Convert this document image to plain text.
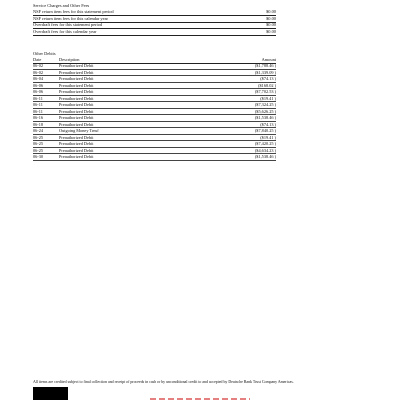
Service Charges and Other Fees
NSF return item fees for this statement period	$0.00
NSF return item fees for this calendar year	$0.00
Overdraft fees for this statement period	$0.00
Overdraft fees for this calendar year	$0.00
Other Debits
Date	Description	Amount
06-02	Preauthorized Debit	($1,788.46 )
06-02	Preauthorized Debit	($1,339.09 )
06-04	Preauthorized Debit	($74.13 )
06-06	Preauthorized Debit	($168.02 )
06-06	Preauthorized Debit	($7,702.53 )
06-11	Preauthorized Debit	($19.41 )
06-11	Preauthorized Debit	($7,324.25 )
06-11	Preauthorized Debit	($5,626.25 )
06-16	Preauthorized Debit	($1,538.46 )
06-18	Preauthorized Debit	($74.13 )
06-24	Outgoing Money Trnsf	($7,840.25 )
06-25	Preauthorized Debit	($19.41 )
06-25	Preauthorized Debit	($7,420.25 )
06-25	Preauthorized Debit	($4,634.23 )
06-30	Preauthorized Debit	($1,538.46 )
All items are credited subject to final collection and receipt of proceeds in cash or by unconditional credit to and accepted by Deutsche Bank Trust Company Americas.
